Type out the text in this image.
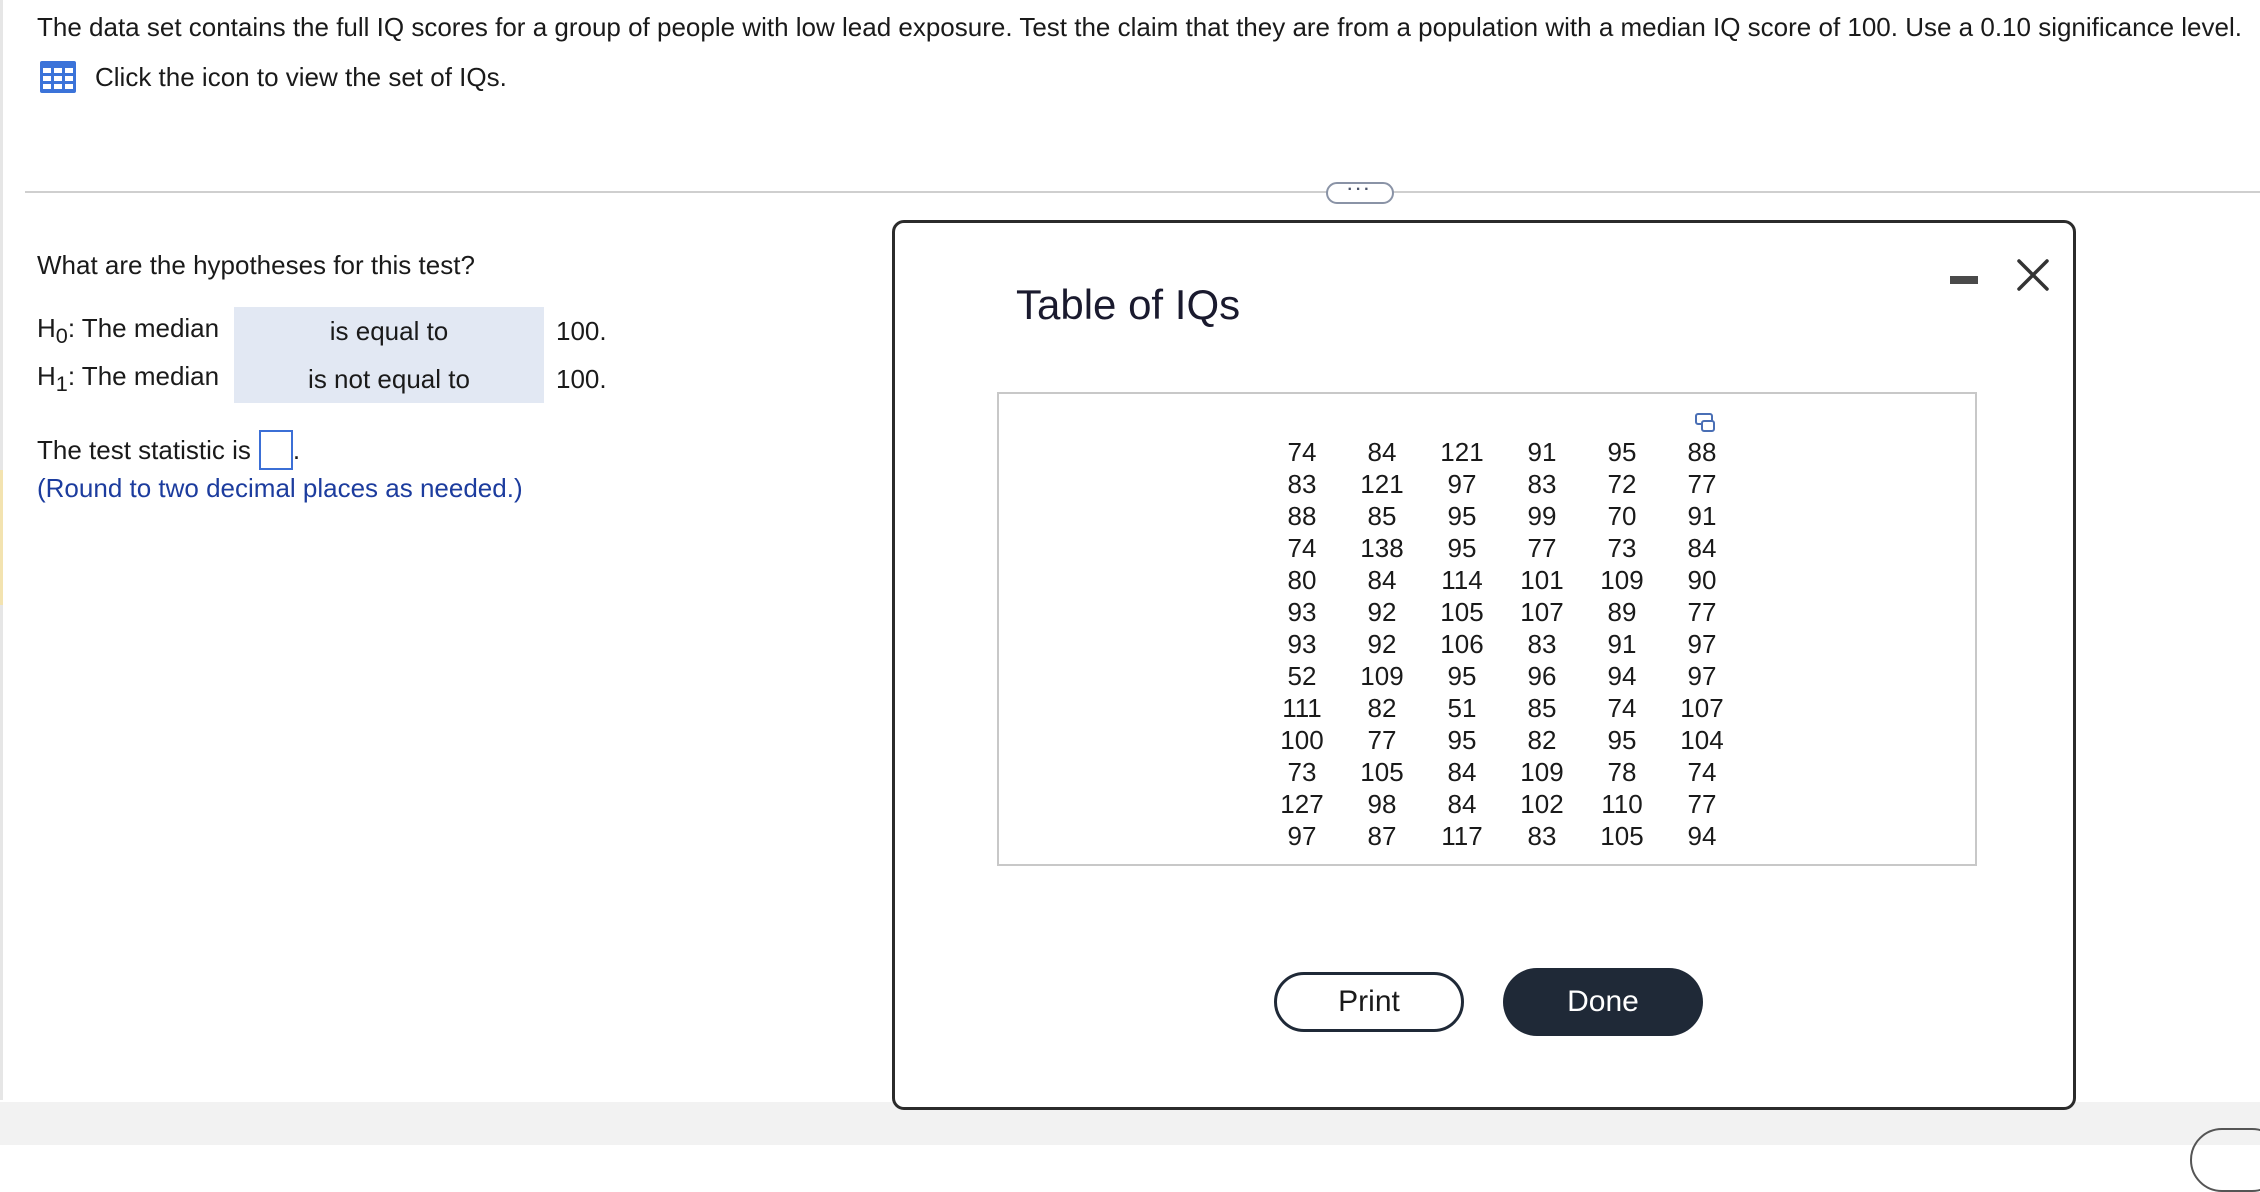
The data set contains the full IQ scores for a group of people with low lead exposure. Test the claim that they are from a population with a median IQ score of 100. Use a 0.10 significance level.
Click the icon to view the set of IQs.
···
What are the hypotheses for this test?
$H_0$: The median	is equal to	100.
$H_1$: The median	is not equal to	100.
The test statistic is .
(Round to two decimal places as needed.)
Table of IQs
74	84	121	91	95	88
83	121	97	83	72	77
88	85	95	99	70	91
74	138	95	77	73	84
80	84	114	101	109	90
93	92	105	107	89	77
93	92	106	83	91	97
52	109	95	96	94	97
111	82	51	85	74	107
100	77	95	82	95	104
73	105	84	109	78	74
127	98	84	102	110	77
97	87	117	83	105	94
Print	Done
